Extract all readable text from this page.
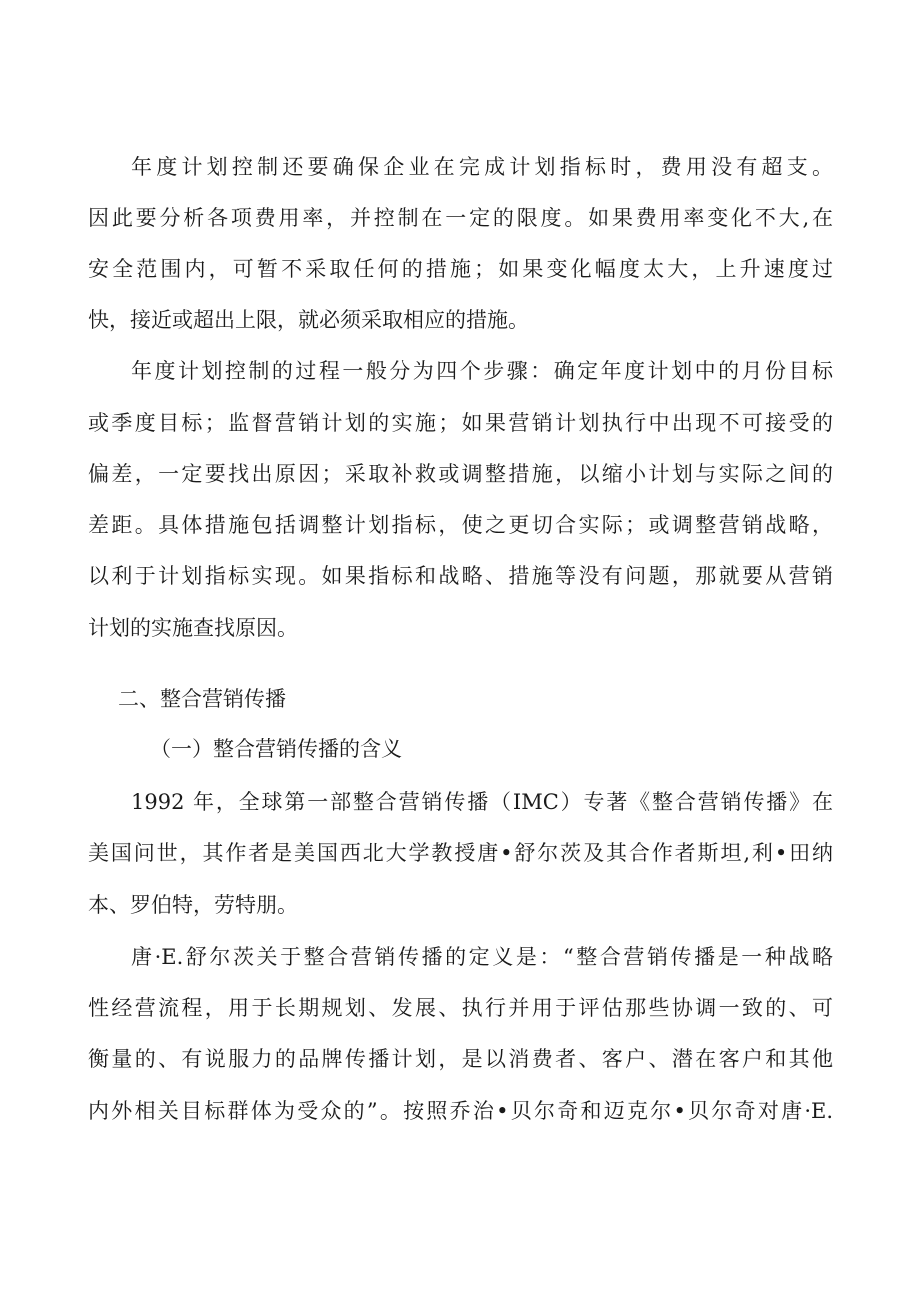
年度计划控制还要确保企业在完成计划指标时，费用没有超支。
因此要分析各项费用率，并控制在一定的限度。如果费用率变化不大,在
安全范围内，可暂不采取任何的措施；如果变化幅度太大，上升速度过
快，接近或超出上限，就必须采取相应的措施。
年度计划控制的过程一般分为四个步骤：确定年度计划中的月份目标
或季度目标；监督营销计划的实施；如果营销计划执行中出现不可接受的
偏差，一定要找出原因；采取补救或调整措施，以缩小计划与实际之间的
差距。具体措施包括调整计划指标，使之更切合实际；或调整营销战略，
以利于计划指标实现。如果指标和战略、措施等没有问题，那就要从营销
计划的实施查找原因。
二、整合营销传播
（一）整合营销传播的含义
1992 年，全球第一部整合营销传播（IMC）专著《整合营销传播》在
美国问世，其作者是美国西北大学教授唐•舒尔茨及其合作者斯坦,利•田纳
本、罗伯特，劳特朋。
唐·E.舒尔茨关于整合营销传播的定义是：“整合营销传播是一种战略
性经营流程，用于长期规划、发展、执行并用于评估那些协调一致的、可
衡量的、有说服力的品牌传播计划，是以消费者、客户、潜在客户和其他
内外相关目标群体为受众的”。按照乔治•贝尔奇和迈克尔•贝尔奇对唐·E.
